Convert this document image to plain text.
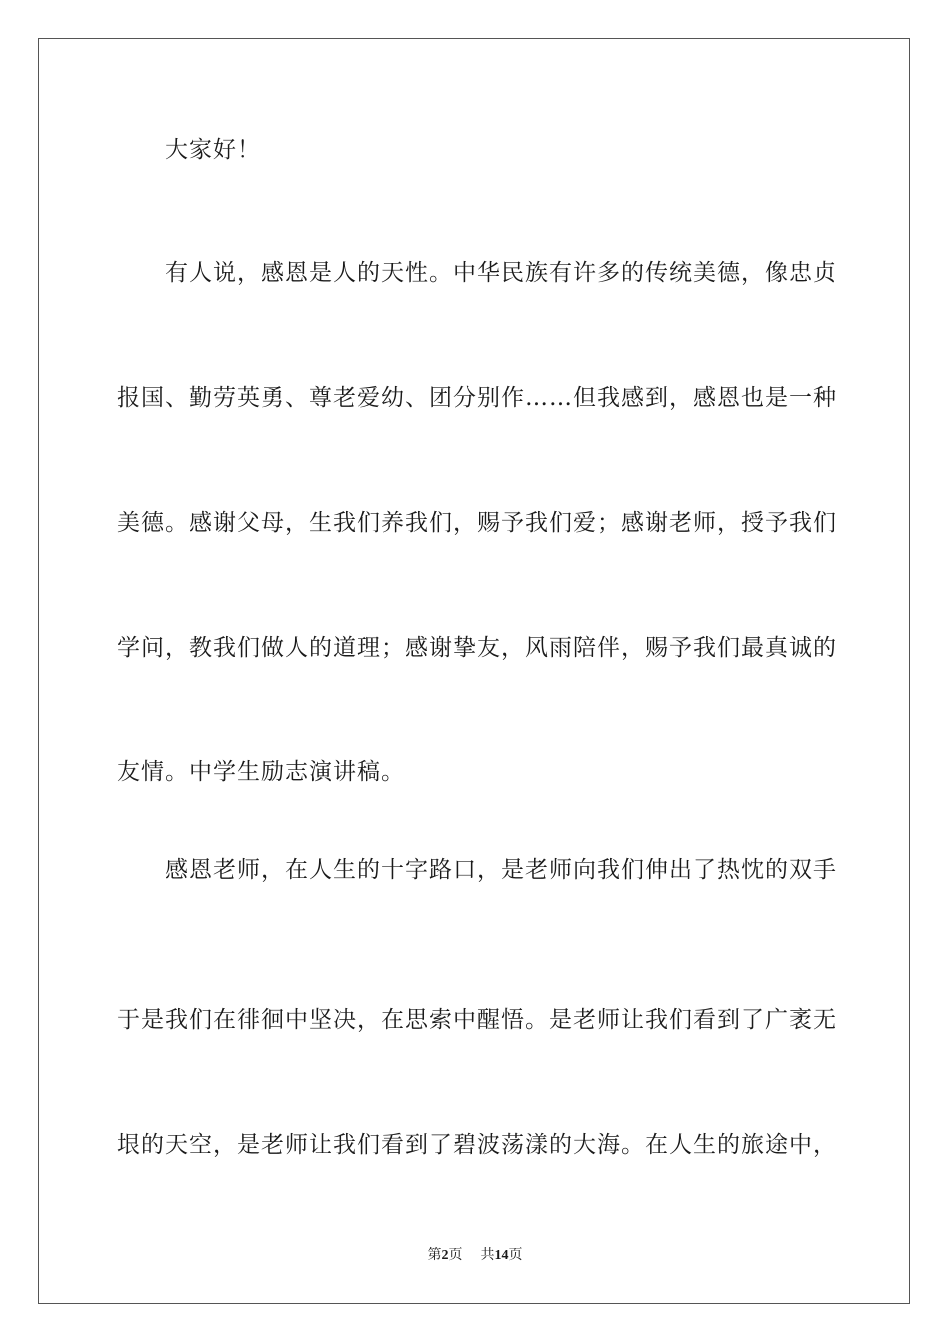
大家好！
有人说，感恩是人的天性。中华民族有许多的传统美德，像忠贞
报国、勤劳英勇、尊老爱幼、团分别作……但我感到，感恩也是一种
美德。感谢父母，生我们养我们，赐予我们爱；感谢老师，授予我们
学问，教我们做人的道理；感谢挚友，风雨陪伴，赐予我们最真诚的
友情。中学生励志演讲稿。
感恩老师，在人生的十字路口，是老师向我们伸出了热忱的双手
于是我们在徘徊中坚决，在思索中醒悟。是老师让我们看到了广袤无
垠的天空，是老师让我们看到了碧波荡漾的大海。在人生的旅途中，
第2页 共14页
